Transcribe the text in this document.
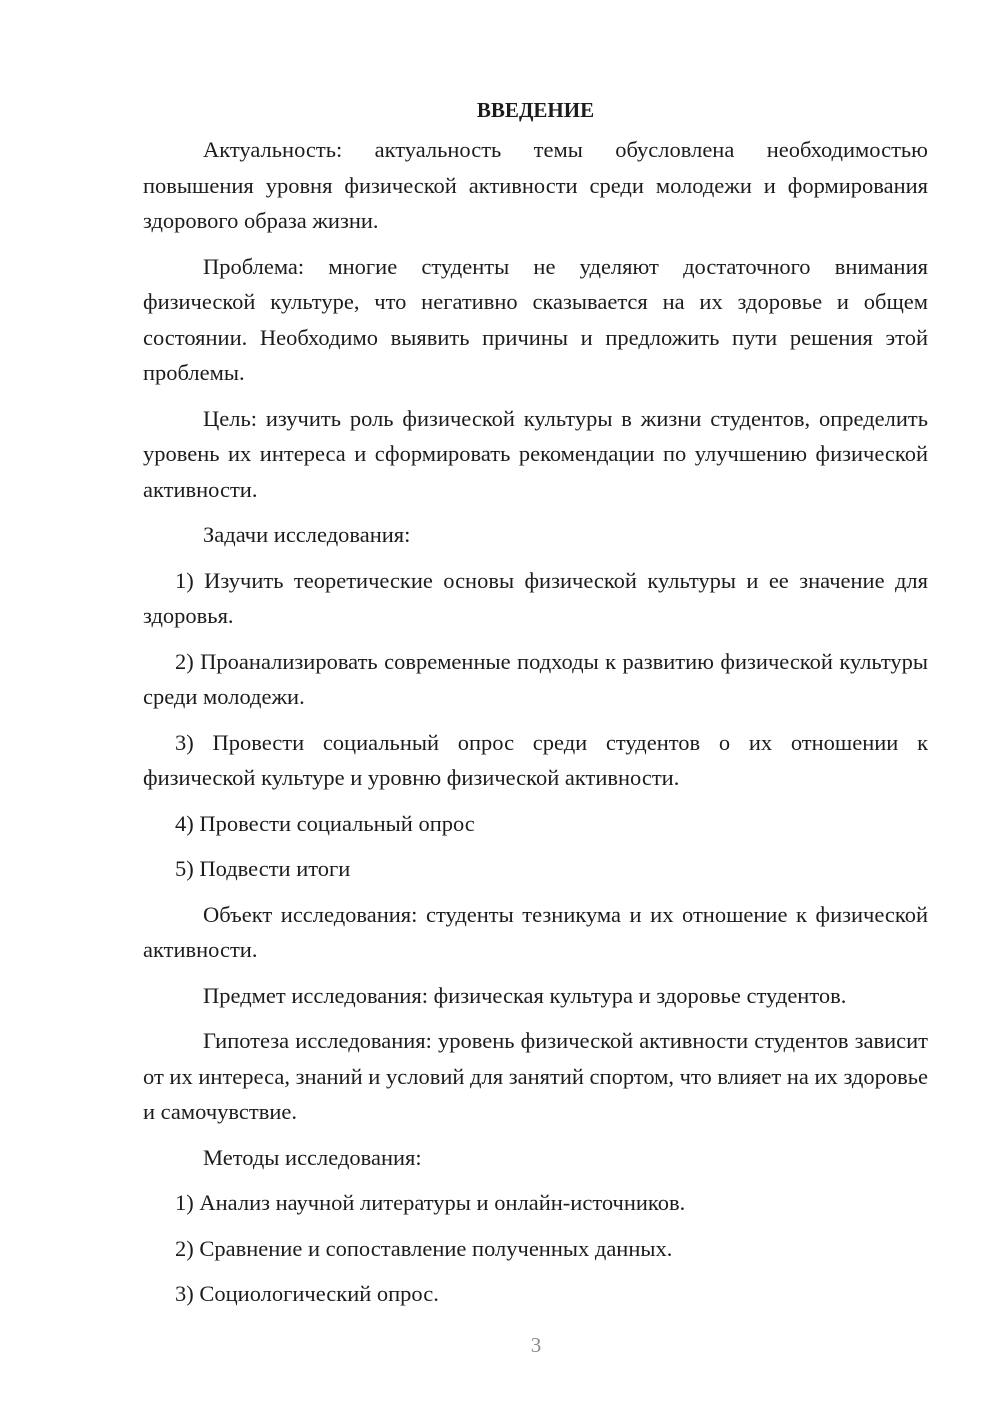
ВВЕДЕНИЕ

Актуальность: актуальность темы обусловлена необходимостью повышения уровня физической активности среди молодежи и формирования здорового образа жизни.

Проблема: многие студенты не уделяют достаточного внимания физической культуре, что негативно сказывается на их здоровье и общем состоянии. Необходимо выявить причины и предложить пути решения этой проблемы.

Цель: изучить роль физической культуры в жизни студентов, определить уровень их интереса и сформировать рекомендации по улучшению физической активности.

Задачи исследования:

1) Изучить теоретические основы физической культуры и ее значение для здоровья.

2) Проанализировать современные подходы к развитию физической культуры среди молодежи.

3) Провести социальный опрос среди студентов о их отношении к физической культуре и уровню физической активности.

4) Провести социальный опрос

5) Подвести итоги

Объект исследования: студенты тезникума и их отношение к физической активности.

Предмет исследования: физическая культура и здоровье студентов.

Гипотеза исследования: уровень физической активности студентов зависит от их интереса, знаний и условий для занятий спортом, что влияет на их здоровье и самочувствие.

Методы исследования:

1) Анализ научной литературы и онлайн-источников.

2) Сравнение и сопоставление полученных данных.

3) Социологический опрос.

3
